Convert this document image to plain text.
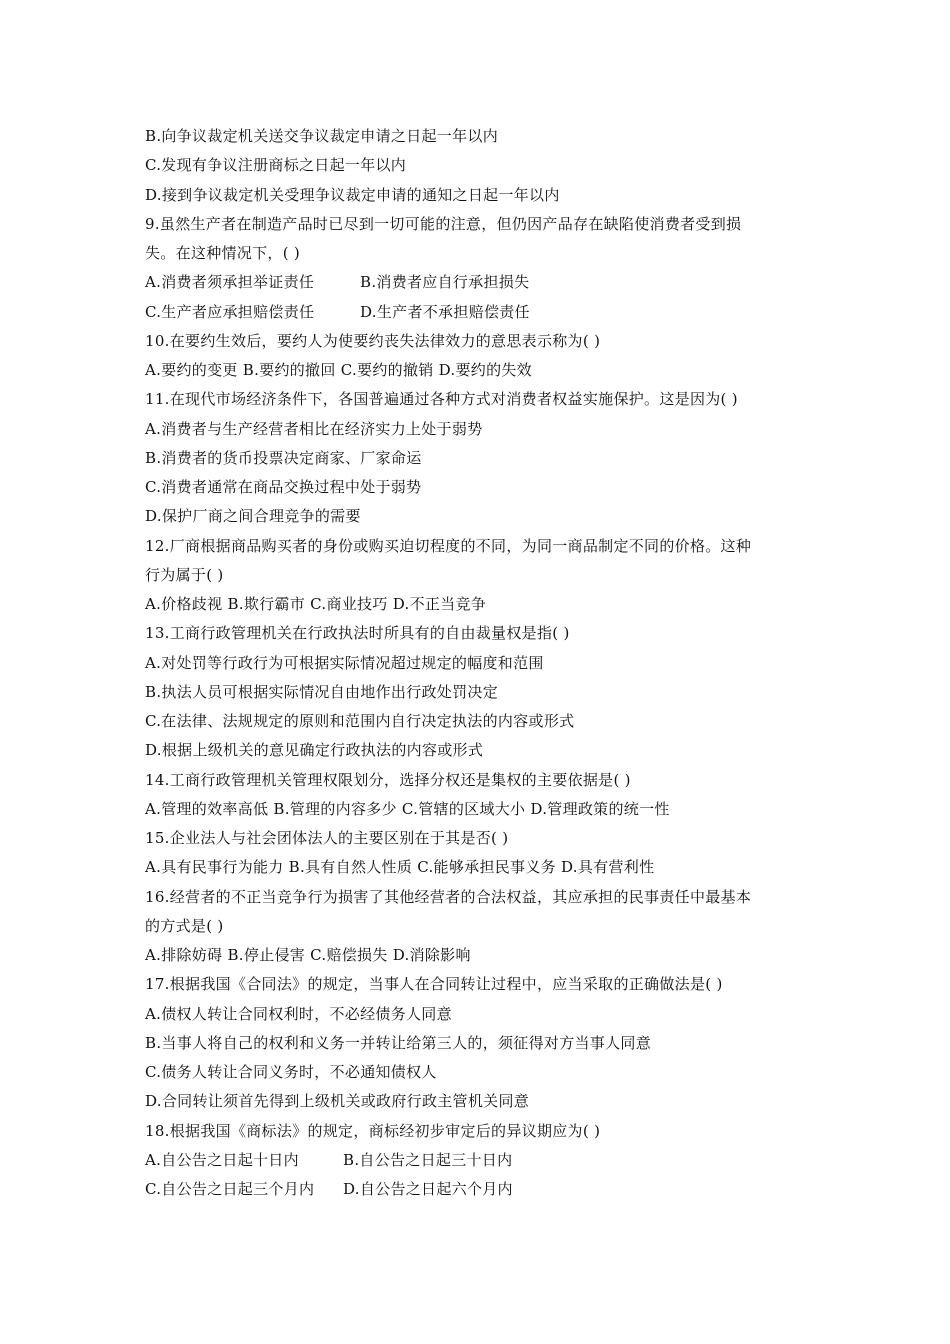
B.向争议裁定机关送交争议裁定申请之日起一年以内
C.发现有争议注册商标之日起一年以内
D.接到争议裁定机关受理争议裁定申请的通知之日起一年以内
9.虽然生产者在制造产品时已尽到一切可能的注意，但仍因产品存在缺陷使消费者受到损
失。在这种情况下，( )
A.消费者须承担举证责任	B.消费者应自行承担损失
C.生产者应承担赔偿责任	D.生产者不承担赔偿责任
10.在要约生效后，要约人为使要约丧失法律效力的意思表示称为( )
A.要约的变更 B.要约的撤回 C.要约的撤销 D.要约的失效
11.在现代市场经济条件下，各国普遍通过各种方式对消费者权益实施保护。这是因为( )
A.消费者与生产经营者相比在经济实力上处于弱势
B.消费者的货币投票决定商家、厂家命运
C.消费者通常在商品交换过程中处于弱势
D.保护厂商之间合理竞争的需要
12.厂商根据商品购买者的身份或购买迫切程度的不同，为同一商品制定不同的价格。这种
行为属于( )
A.价格歧视 B.欺行霸市 C.商业技巧 D.不正当竞争
13.工商行政管理机关在行政执法时所具有的自由裁量权是指( )
A.对处罚等行政行为可根据实际情况超过规定的幅度和范围
B.执法人员可根据实际情况自由地作出行政处罚决定
C.在法律、法规规定的原则和范围内自行决定执法的内容或形式
D.根据上级机关的意见确定行政执法的内容或形式
14.工商行政管理机关管理权限划分，选择分权还是集权的主要依据是( )
A.管理的效率高低 B.管理的内容多少 C.管辖的区域大小 D.管理政策的统一性
15.企业法人与社会团体法人的主要区别在于其是否( )
A.具有民事行为能力 B.具有自然人性质 C.能够承担民事义务 D.具有营利性
16.经营者的不正当竞争行为损害了其他经营者的合法权益，其应承担的民事责任中最基本
的方式是( )
A.排除妨碍 B.停止侵害 C.赔偿损失 D.消除影响
17.根据我国《合同法》的规定，当事人在合同转让过程中，应当采取的正确做法是( )
A.债权人转让合同权利时，不必经债务人同意
B.当事人将自己的权利和义务一并转让给第三人的，须征得对方当事人同意
C.债务人转让合同义务时，不必通知债权人
D.合同转让须首先得到上级机关或政府行政主管机关同意
18.根据我国《商标法》的规定，商标经初步审定后的异议期应为( )
A.自公告之日起十日内	B.自公告之日起三十日内
C.自公告之日起三个月内	D.自公告之日起六个月内
